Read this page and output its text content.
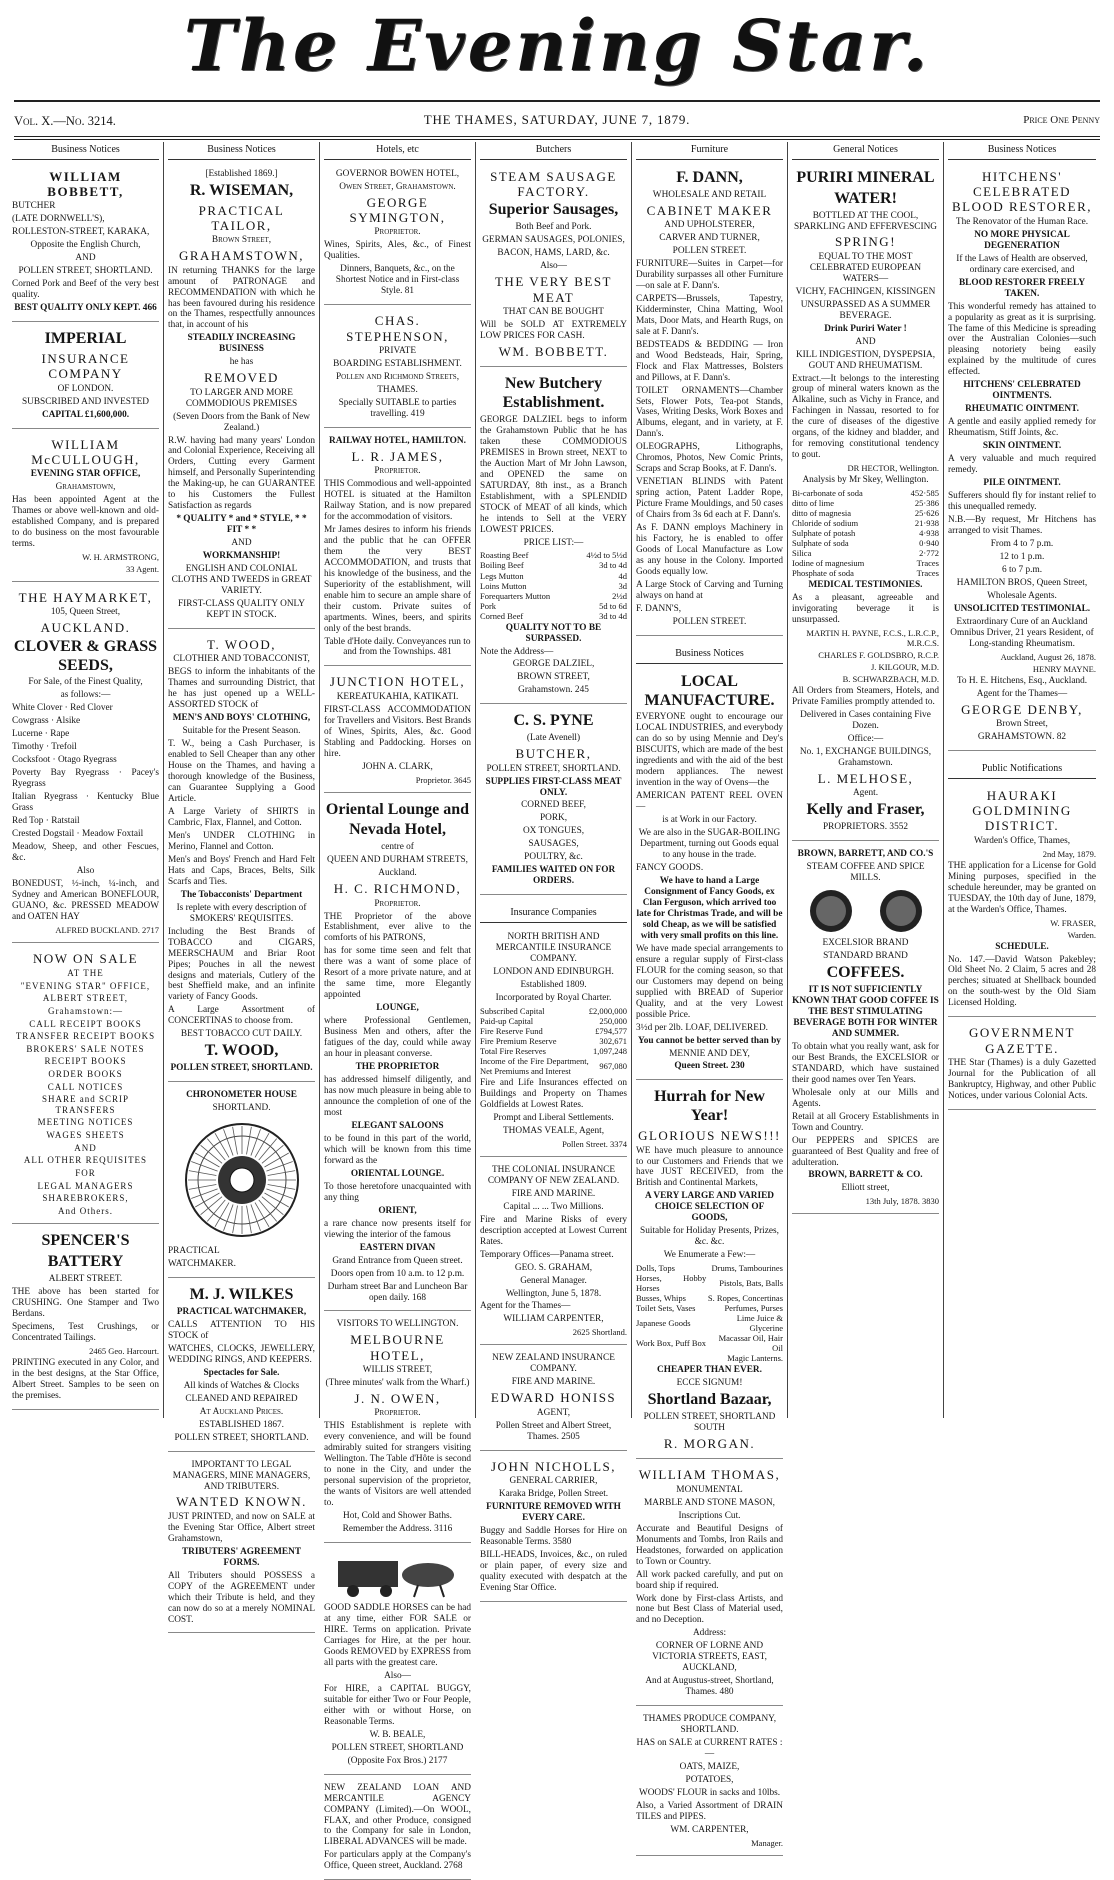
The Evening Star.
Vol. X.—No. 3214.	THE THAMES, SATURDAY, JUNE 7, 1879.	Price One Penny
Business Notices

WILLIAM BOBBETT,

BUTCHER

(LATE DORNWELL'S),

ROLLESTON-STREET, KARAKA,

Opposite the English Church,

AND

POLLEN STREET, SHORTLAND.

Corned Pork and Beef of the very best quality.

BEST QUALITY ONLY KEPT. 466

IMPERIAL

INSURANCE COMPANY

OF LONDON.

SUBSCRIBED AND INVESTED

CAPITAL £1,600,000.

WILLIAM McCULLOUGH,

EVENING STAR OFFICE,

Grahamstown,

Has been appointed Agent at the Thames or above well-known and old-established Company, and is prepared to do business on the most favourable terms.

W. H. ARMSTRONG,

33 Agent.

THE HAYMARKET,

105, Queen Street,

AUCKLAND.

CLOVER & GRASS SEEDS,

For Sale, of the Finest Quality,

as follows:—

White Clover · Red Clover

Cowgrass · Alsike

Lucerne · Rape

Timothy · Trefoil

Cocksfoot · Otago Ryegrass

Poverty Bay Ryegrass · Pacey's Ryegrass

Italian Ryegrass · Kentucky Blue Grass

Red Top · Ratstail

Crested Dogstail · Meadow Foxtail

Meadow, Sheep, and other Fescues, &c.

Also

BONEDUST, ½-inch, ¼-inch, and Sydney and American BONEFLOUR, GUANO, &c. PRESSED MEADOW and OATEN HAY

ALFRED BUCKLAND. 2717

NOW ON SALE

AT THE

"EVENING STAR" OFFICE,

ALBERT STREET,

Grahamstown:—

CALL RECEIPT BOOKS

TRANSFER RECEIPT BOOKS

BROKERS' SALE NOTES

RECEIPT BOOKS

ORDER BOOKS

CALL NOTICES

SHARE and SCRIP TRANSFERS

MEETING NOTICES

WAGES SHEETS

AND

ALL OTHER REQUISITES

FOR

LEGAL MANAGERS

SHAREBROKERS,

And Others.

SPENCER'S

BATTERY

ALBERT STREET.

THE above has been started for CRUSHING. One Stamper and Two Berdans.

Specimens, Test Crushings, or Concentrated Tailings.

2465 Geo. Harcourt.

PRINTING executed in any Color, and in the best designs, at the Star Office, Albert Street. Samples to be seen on the premises.

Business Notices

[Established 1869.]

R. WISEMAN,

PRACTICAL TAILOR,

Brown Street,

GRAHAMSTOWN,

IN returning THANKS for the large amount of PATRONAGE and RECOMMENDATION with which he has been favoured during his residence on the Thames, respectfully announces that, in account of his

STEADILY INCREASING BUSINESS

he has

REMOVED

TO LARGER AND MORE COMMODIOUS PREMISES

(Seven Doors from the Bank of New Zealand.)

R.W. having had many years' London and Colonial Experience, Receiving all Orders, Cutting every Garment himself, and Personally Superintending the Making-up, he can GUARANTEE to his Customers the Fullest Satisfaction as regards

* QUALITY * and * STYLE, * * FIT * *

AND

WORKMANSHIP!

ENGLISH AND COLONIAL CLOTHS AND TWEEDS in GREAT VARIETY.

FIRST-CLASS QUALITY ONLY KEPT IN STOCK.

T. WOOD,

CLOTHIER AND TOBACCONIST,

BEGS to inform the inhabitants of the Thames and surrounding District, that he has just opened up a WELL-ASSORTED STOCK of

MEN'S AND BOYS' CLOTHING,

Suitable for the Present Season.

T. W., being a Cash Purchaser, is enabled to Sell Cheaper than any other House on the Thames, and having a thorough knowledge of the Business, can Guarantee Supplying a Good Article.

A Large Variety of SHIRTS in Cambric, Flax, Flannel, and Cotton.

Men's UNDER CLOTHING in Merino, Flannel and Cotton.

Men's and Boys' French and Hard Felt Hats and Caps, Braces, Belts, Silk Scarfs and Ties.

The Tobacconists' Department

Is replete with every description of SMOKERS' REQUISITES.

Including the Best Brands of TOBACCO and CIGARS, MEERSCHAUM and Briar Root Pipes; Pouches in all the newest designs and materials, Cutlery of the best Sheffield make, and an infinite variety of Fancy Goods.

A Large Assortment of CONCERTINAS to choose from.

BEST TOBACCO CUT DAILY.

T. WOOD,

POLLEN STREET, SHORTLAND.

CHRONOMETER HOUSE

SHORTLAND.

PRACTICAL

WATCHMAKER.

M. J. WILKES

PRACTICAL WATCHMAKER,

CALLS ATTENTION TO HIS STOCK of

WATCHES, CLOCKS, JEWELLERY, WEDDING RINGS, AND KEEPERS.

Spectacles for Sale.

All kinds of Watches & Clocks

CLEANED AND REPAIRED

At Auckland Prices.

ESTABLISHED 1867.

POLLEN STREET, SHORTLAND.

IMPORTANT TO LEGAL MANAGERS, MINE MANAGERS, AND TRIBUTERS.

WANTED KNOWN.

JUST PRINTED, and now on SALE at the Evening Star Office, Albert street Grahamstown,

TRIBUTERS' AGREEMENT FORMS.

All Tributers should POSSESS a COPY of the AGREEMENT under which their Tribute is held, and they can now do so at a merely NOMINAL COST.

Hotels, etc

GOVERNOR BOWEN HOTEL,

Owen Street, Grahamstown.

GEORGE SYMINGTON,

Proprietor.

Wines, Spirits, Ales, &c., of Finest Qualities.

Dinners, Banquets, &c., on the Shortest Notice and in First-class Style. 81

CHAS. STEPHENSON,

PRIVATE

BOARDING ESTABLISHMENT.

Pollen and Richmond Streets,

THAMES.

Specially SUITABLE to parties travelling. 419

RAILWAY HOTEL, HAMILTON.

L. R. JAMES,

Proprietor.

THIS Commodious and well-appointed HOTEL is situated at the Hamilton Railway Station, and is now prepared for the accommodation of visitors.

Mr James desires to inform his friends and the public that he can OFFER them the very BEST ACCOMMODATION, and trusts that his knowledge of the business, and the Superiority of the establishment, will enable him to secure an ample share of their custom. Private suites of apartments. Wines, beers, and spirits only of the best brands.

Table d'Hote daily. Conveyances run to and from the Townships. 481

JUNCTION HOTEL,

KEREATUKAHIA, KATIKATI.

FIRST-CLASS ACCOMMODATION for Travellers and Visitors. Best Brands of Wines, Spirits, Ales, &c. Good Stabling and Paddocking. Horses on hire.

JOHN A. CLARK,

Proprietor. 3645

Oriental Lounge and

Nevada Hotel,

centre of

QUEEN AND DURHAM STREETS,

Auckland.

H. C. RICHMOND,

Proprietor.

THE Proprietor of the above Establishment, ever alive to the comforts of his PATRONS,

has for some time seen and felt that there was a want of some place of Resort of a more private nature, and at the same time, more Elegantly appointed

LOUNGE,

where Professional Gentlemen, Business Men and others, after the fatigues of the day, could while away an hour in pleasant converse.

THE PROPRIETOR

has addressed himself diligently, and has now much pleasure in being able to announce the completion of one of the most

ELEGANT SALOONS

to be found in this part of the world, which will be known from this time forward as the

ORIENTAL LOUNGE.

To those heretofore unacquainted with any thing

ORIENT,

a rare chance now presents itself for viewing the interior of the famous

EASTERN DIVAN

Grand Entrance from Queen street.

Doors open from 10 a.m. to 12 p.m.

Durham street Bar and Luncheon Bar open daily. 168

VISITORS TO WELLINGTON.

MELBOURNE HOTEL,

WILLIS STREET,

(Three minutes' walk from the Wharf.)

J. N. OWEN,

Proprietor.

THIS Establishment is replete with every convenience, and will be found admirably suited for strangers visiting Wellington. The Table d'Hôte is second to none in the City, and under the personal supervision of the proprietor, the wants of Visitors are well attended to.

Hot, Cold and Shower Baths.

Remember the Address. 3116

GOOD SADDLE HORSES can be had at any time, either FOR SALE or HIRE. Terms on application. Private Carriages for Hire, at the per hour. Goods REMOVED by EXPRESS from all parts with the greatest care.

Also—

For HIRE, a CAPITAL BUGGY, suitable for either Two or Four People, either with or without Horse, on Reasonable Terms.

W. B. BEALE,

POLLEN STREET, SHORTLAND

(Opposite Fox Bros.) 2177

NEW ZEALAND LOAN AND MERCANTILE AGENCY COMPANY (Limited).—On WOOL, FLAX, and other Produce, consigned to the Company for sale in London, LIBERAL ADVANCES will be made.

For particulars apply at the Company's Office, Queen street, Auckland. 2768

Butchers

STEAM SAUSAGE FACTORY.

Superior Sausages,

Both Beef and Pork.

GERMAN SAUSAGES, POLONIES,

BACON, HAMS, LARD, &c.

Also—

THE VERY BEST MEAT

THAT CAN BE BOUGHT

Will be SOLD AT EXTREMELY LOW PRICES FOR CASH.

WM. BOBBETT.

New Butchery Establishment.

GEORGE DALZIEL begs to inform the Grahamstown Public that he has taken these COMMODIOUS PREMISES in Brown street, NEXT to the Auction Mart of Mr John Lawson, and OPENED the same on SATURDAY, 8th inst., as a Branch Establishment, with a SPLENDID STOCK of MEAT of all kinds, which he intends to Sell at the VERY LOWEST PRICES.

PRICE LIST:—

Roasting Beef	4½d to 5½d
Boiling Beef	3d to 4d
Legs Mutton	4d
Loins Mutton	3d
Forequarters Mutton	2½d
Pork	5d to 6d
Corned Beef	3d to 4d

QUALITY NOT TO BE SURPASSED.

Note the Address—

GEORGE DALZIEL,

BROWN STREET,

Grahamstown. 245

C. S. PYNE

(Late Avenell)

BUTCHER,

POLLEN STREET, SHORTLAND.

SUPPLIES FIRST-CLASS MEAT ONLY.

CORNED BEEF,

PORK,

OX TONGUES,

SAUSAGES,

POULTRY, &c.

FAMILIES WAITED ON FOR ORDERS.

Insurance Companies

NORTH BRITISH AND MERCANTILE INSURANCE COMPANY.

LONDON AND EDINBURGH.

Established 1809.

Incorporated by Royal Charter.

Subscribed Capital	£2,000,000
Paid-up Capital	250,000
Fire Reserve Fund	£794,577
Fire Premium Reserve	302,671
Total Fire Reserves	1,097,248
Income of the Fire Department, Net Premiums and Interest	967,080

Fire and Life Insurances effected on Buildings and Property on Thames Goldfields at Lowest Rates.

Prompt and Liberal Settlements.

THOMAS VEALE, Agent,

Pollen Street. 3374

THE COLONIAL INSURANCE COMPANY OF NEW ZEALAND.

FIRE AND MARINE.

Capital ... ... Two Millions.

Fire and Marine Risks of every description accepted at Lowest Current Rates.

Temporary Offices—Panama street.

GEO. S. GRAHAM,

General Manager.

Wellington, June 5, 1878.

Agent for the Thames—

WILLIAM CARPENTER,

2625 Shortland.

NEW ZEALAND INSURANCE COMPANY.

FIRE AND MARINE.

EDWARD HONISS

AGENT,

Pollen Street and Albert Street, Thames. 2505

JOHN NICHOLLS,

GENERAL CARRIER,

Karaka Bridge, Pollen Street.

FURNITURE REMOVED WITH EVERY CARE.

Buggy and Saddle Horses for Hire on Reasonable Terms. 3580

BILL-HEADS, Invoices, &c., on ruled or plain paper, of every size and quality executed with despatch at the Evening Star Office.

Furniture

F. DANN,

WHOLESALE AND RETAIL

CABINET MAKER

AND UPHOLSTERER,

CARVER AND TURNER,

POLLEN STREET.

FURNITURE—Suites in Carpet—for Durability surpasses all other Furniture—on sale at F. Dann's.

CARPETS—Brussels, Tapestry, Kidderminster, China Matting, Wool Mats, Door Mats, and Hearth Rugs, on sale at F. Dann's.

BEDSTEADS & BEDDING — Iron and Wood Bedsteads, Hair, Spring, Flock and Flax Mattresses, Bolsters and Pillows, at F. Dann's.

TOILET ORNAMENTS—Chamber Sets, Flower Pots, Tea-pot Stands, Vases, Writing Desks, Work Boxes and Albums, elegant, and in variety, at F. Dann's.

OLEOGRAPHS, Lithographs, Chromos, Photos, New Comic Prints, Scraps and Scrap Books, at F. Dann's.

VENETIAN BLINDS with Patent spring action, Patent Ladder Rope, Picture Frame Mouldings, and 50 cases of Chairs from 3s 6d each at F. Dann's.

As F. DANN employs Machinery in his Factory, he is enabled to offer Goods of Local Manufacture as Low as any house in the Colony. Imported Goods equally low.

A Large Stock of Carving and Turning always on hand at

F. DANN'S,

POLLEN STREET.

Business Notices

LOCAL MANUFACTURE.

EVERYONE ought to encourage our LOCAL INDUSTRIES, and everybody can do so by using Mennie and Dey's BISCUITS, which are made of the best ingredients and with the aid of the best modern appliances. The newest invention in the way of Ovens—the

AMERICAN PATENT REEL OVEN—

is at Work in our Factory.

We are also in the SUGAR-BOILING Department, turning out Goods equal to any house in the trade.

FANCY GOODS.

We have to hand a Large Consignment of Fancy Goods, ex Clan Ferguson, which arrived too late for Christmas Trade, and will be sold Cheap, as we will be satisfied with very small profits on this line.

We have made special arrangements to ensure a regular supply of First-class FLOUR for the coming season, so that our Customers may depend on being supplied with BREAD of Superior Quality, and at the very Lowest possible Price.

3½d per 2lb. LOAF, DELIVERED.

You cannot be better served than by

MENNIE AND DEY,

Queen Street. 230

Hurrah for New Year!

GLORIOUS NEWS!!!

WE have much pleasure to announce to our Customers and Friends that we have JUST RECEIVED, from the British and Continental Markets,

A VERY LARGE AND VARIED CHOICE SELECTION OF GOODS,

Suitable for Holiday Presents, Prizes, &c. &c.

We Enumerate a Few:—

Dolls, Tops	Drums, Tambourines
Horses, Hobby Horses	Pistols, Bats, Balls
Busses, Whips	S. Ropes, Concertinas
Toilet Sets, Vases	Perfumes, Purses
Japanese Goods	Lime Juice & Glycerine
Work Box, Puff Box	Macassar Oil, Hair Oil
	Magic Lanterns.

CHEAPER THAN EVER.

ECCE SIGNUM!

Shortland Bazaar,

POLLEN STREET, SHORTLAND SOUTH

R. MORGAN.

WILLIAM THOMAS,

MONUMENTAL

MARBLE AND STONE MASON,

Inscriptions Cut.

Accurate and Beautiful Designs of Monuments and Tombs, Iron Rails and Headstones, forwarded on application to Town or Country.

All work packed carefully, and put on board ship if required.

Work done by First-class Artists, and none but Best Class of Material used, and no Deception.

Address:

CORNER OF LORNE AND VICTORIA STREETS, EAST, AUCKLAND,

And at Augustus-street, Shortland, Thames. 480

THAMES PRODUCE COMPANY, SHORTLAND.

HAS on SALE at CURRENT RATES :—

OATS, MAIZE,

POTATOES,

WOODS' FLOUR in sacks and 10lbs.

Also, a Varied Assortment of DRAIN TILES and PIPES.

WM. CARPENTER,

Manager.

General Notices

PURIRI MINERAL

WATER!

BOTTLED AT THE COOL, SPARKLING AND EFFERVESCING

SPRING!

EQUAL TO THE MOST CELEBRATED EUROPEAN WATERS—

VICHY, FACHINGEN, KISSINGEN

UNSURPASSED AS A SUMMER BEVERAGE.

Drink Puriri Water !

AND

KILL INDIGESTION, DYSPEPSIA, GOUT AND RHEUMATISM.

Extract.—It belongs to the interesting group of mineral waters known as the Alkaline, such as Vichy in France, and Fachingen in Nassau, resorted to for the cure of diseases of the digestive organs, of the kidney and bladder, and for removing constitutional tendency to gout.

DR HECTOR, Wellington.

Analysis by Mr Skey, Wellington.

Bi-carbonate of soda	452·585
ditto of lime	25·386
ditto of magnesia	25·626
Chloride of sodium	21·938
Sulphate of potash	4·938
Sulphate of soda	0·940
Silica	2·772
Iodine of magnesium	Traces
Phosphate of soda	Traces

MEDICAL TESTIMONIES.

As a pleasant, agreeable and invigorating beverage it is unsurpassed.

MARTIN H. PAYNE, F.C.S., L.R.C.P., M.R.C.S.

CHARLES F. GOLDSBRO, R.C.P.

J. KILGOUR, M.D.

B. SCHWARZBACH, M.D.

All Orders from Steamers, Hotels, and Private Families promptly attended to.

Delivered in Cases containing Five Dozen.

Office:—

No. 1, EXCHANGE BUILDINGS, Grahamstown.

L. MELHOSE,

Agent.

Kelly and Fraser,

PROPRIETORS. 3552

BROWN, BARRETT, AND CO.'S

STEAM COFFEE AND SPICE MILLS.

EXCELSIOR BRAND

STANDARD BRAND

COFFEES.

IT IS NOT SUFFICIENTLY KNOWN THAT GOOD COFFEE IS THE BEST STIMULATING BEVERAGE BOTH FOR WINTER AND SUMMER.

To obtain what you really want, ask for our Best Brands, the EXCELSIOR or STANDARD, which have sustained their good names over Ten Years.

Wholesale only at our Mills and Agents.

Retail at all Grocery Establishments in Town and Country.

Our PEPPERS and SPICES are guaranteed of Best Quality and free of adulteration.

BROWN, BARRETT & CO.

Elliott street,

13th July, 1878. 3830

Business Notices

HITCHENS' CELEBRATED BLOOD RESTORER,

The Renovator of the Human Race.

NO MORE PHYSICAL DEGENERATION

If the Laws of Health are observed, ordinary care exercised, and

BLOOD RESTORER FREELY TAKEN.

This wonderful remedy has attained to a popularity as great as it is surprising. The fame of this Medicine is spreading over the Australian Colonies—such pleasing notoriety being easily explained by the multitude of cures effected.

HITCHENS' CELEBRATED OINTMENTS.

RHEUMATIC OINTMENT.

A gentle and easily applied remedy for Rheumatism, Stiff Joints, &c.

SKIN OINTMENT.

A very valuable and much required remedy.

PILE OINTMENT.

Sufferers should fly for instant relief to this unequalled remedy.

N.B.—By request, Mr Hitchens has arranged to visit Thames.

From 4 to 7 p.m.

12 to 1 p.m.

6 to 7 p.m.

HAMILTON BROS, Queen Street,

Wholesale Agents.

UNSOLICITED TESTIMONIAL.

Extraordinary Cure of an Auckland Omnibus Driver, 21 years Resident, of Long-standing Rheumatism.

Auckland, August 26, 1878.

HENRY MAYNE.

To H. E. Hitchens, Esq., Auckland.

Agent for the Thames—

GEORGE DENBY,

Brown Street,

GRAHAMSTOWN. 82

Public Notifications

HAURAKI GOLDMINING DISTRICT.

Warden's Office, Thames,

2nd May, 1879.

THE application for a License for Gold Mining purposes, specified in the schedule hereunder, may be granted on TUESDAY, the 10th day of June, 1879, at the Warden's Office, Thames.

W. FRASER,

Warden.

SCHEDULE.

No. 147.—David Watson Pakebley; Old Sheet No. 2 Claim, 5 acres and 28 perches; situated at Shellback bounded on the south-west by the Old Siam Licensed Holding.

GOVERNMENT GAZETTE.

THE Star (Thames) is a duly Gazetted Journal for the Publication of all Bankruptcy, Highway, and other Public Notices, under various Colonial Acts.
